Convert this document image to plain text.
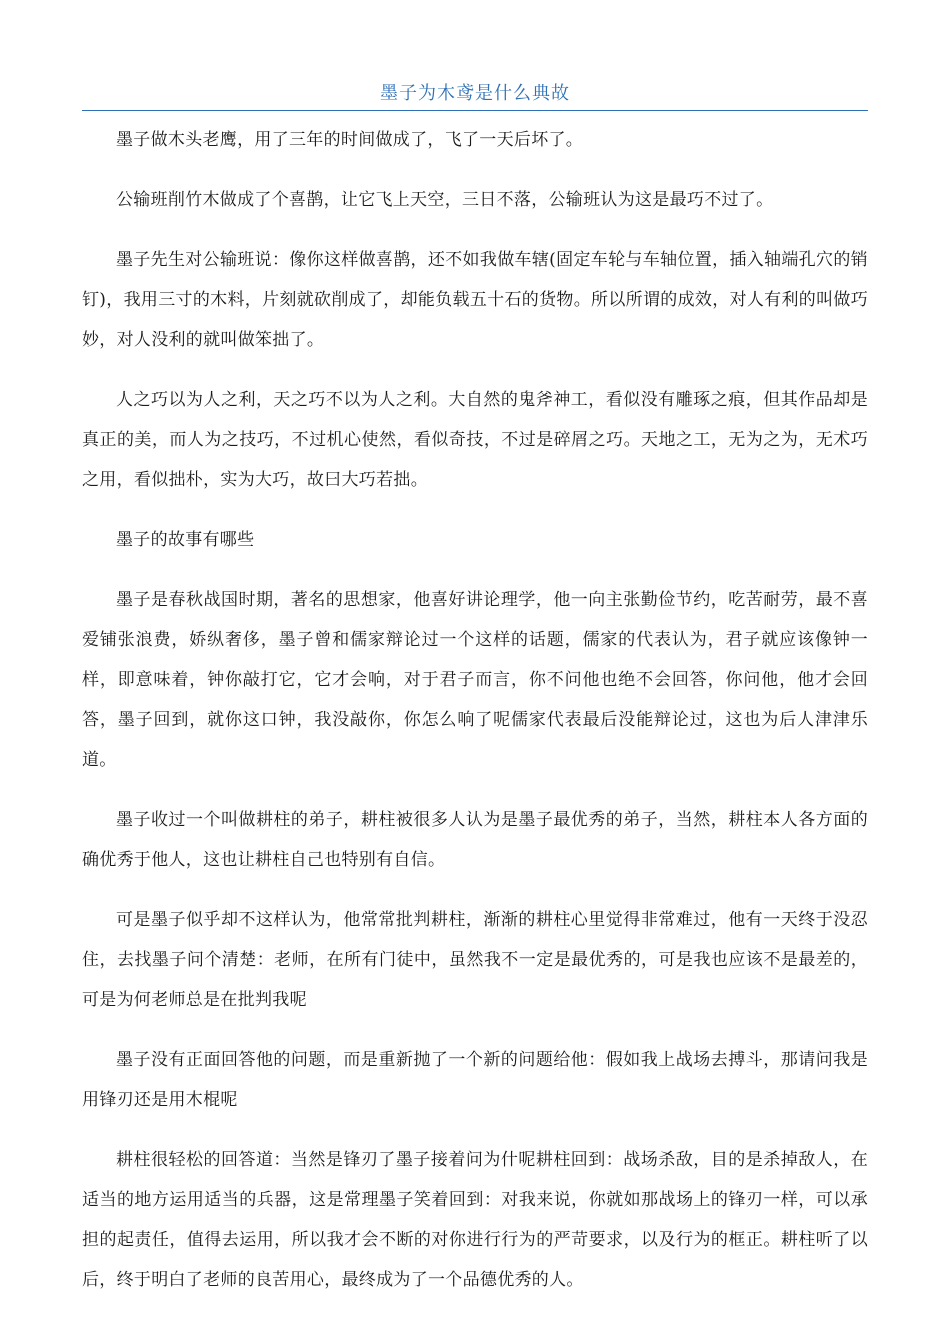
墨子为木鸢是什么典故

墨子做木头老鹰，用了三年的时间做成了，飞了一天后坏了。

公输班削竹木做成了个喜鹊，让它飞上天空，三日不落，公输班认为这是最巧不过了。

墨子先生对公输班说：像你这样做喜鹊，还不如我做车辖(固定车轮与车轴位置，插入轴端孔穴的销钉)，我用三寸的木料，片刻就砍削成了，却能负载五十石的货物。所以所谓的成效，对人有利的叫做巧妙，对人没利的就叫做笨拙了。

人之巧以为人之利，天之巧不以为人之利。大自然的鬼斧神工，看似没有雕琢之痕，但其作品却是真正的美，而人为之技巧，不过机心使然，看似奇技，不过是碎屑之巧。天地之工，无为之为，无术巧之用，看似拙朴，实为大巧，故曰大巧若拙。

墨子的故事有哪些

墨子是春秋战国时期，著名的思想家，他喜好讲论理学，他一向主张勤俭节约，吃苦耐劳，最不喜爱铺张浪费，娇纵奢侈，墨子曾和儒家辩论过一个这样的话题，儒家的代表认为，君子就应该像钟一样，即意味着，钟你敲打它，它才会响，对于君子而言，你不问他也绝不会回答，你问他，他才会回答，墨子回到，就你这口钟，我没敲你，你怎么响了呢儒家代表最后没能辩论过，这也为后人津津乐道。

墨子收过一个叫做耕柱的弟子，耕柱被很多人认为是墨子最优秀的弟子，当然，耕柱本人各方面的确优秀于他人，这也让耕柱自己也特别有自信。

可是墨子似乎却不这样认为，他常常批判耕柱，渐渐的耕柱心里觉得非常难过，他有一天终于没忍住，去找墨子问个清楚：老师，在所有门徒中，虽然我不一定是最优秀的，可是我也应该不是最差的，可是为何老师总是在批判我呢

墨子没有正面回答他的问题，而是重新抛了一个新的问题给他：假如我上战场去搏斗，那请问我是用锋刃还是用木棍呢

耕柱很轻松的回答道：当然是锋刃了墨子接着问为什呢耕柱回到：战场杀敌，目的是杀掉敌人，在适当的地方运用适当的兵器，这是常理墨子笑着回到：对我来说，你就如那战场上的锋刃一样，可以承担的起责任，值得去运用，所以我才会不断的对你进行行为的严苛要求，以及行为的框正。耕柱听了以后，终于明白了老师的良苦用心，最终成为了一个品德优秀的人。
